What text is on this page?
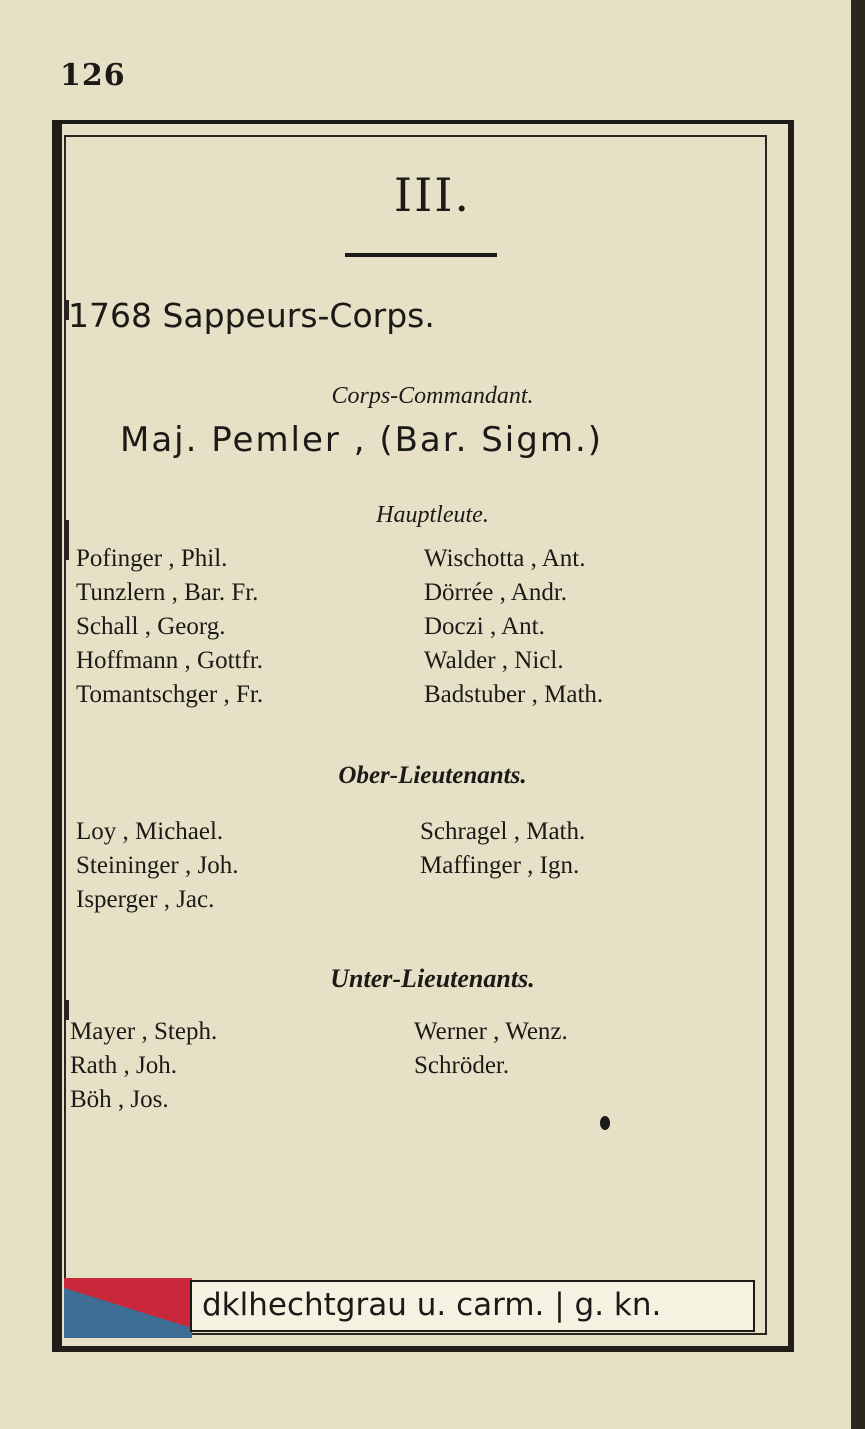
126
III.
1768 Sappeurs-Corps.
Corps-Commandant.
Maj. Pemler , (Bar. Sigm.)
Hauptleute.
Pofinger , Phil.
Tunzlern , Bar. Fr.
Schall , Georg.
Hoffmann , Gottfr.
Tomantschger , Fr.
Wischotta , Ant.
Dörrée , Andr.
Doczi , Ant.
Walder , Nicl.
Badstuber , Math.
Ober-Lieutenants.
Loy , Michael.
Steininger , Joh.
Isperger , Jac.
Schragel , Math.
Maffinger , Ign.
Unter-Lieutenants.
Mayer , Steph.
Rath , Joh.
Böh , Jos.
Werner , Wenz.
Schröder.
dklhechtgrau u. carm. | g. kn.
